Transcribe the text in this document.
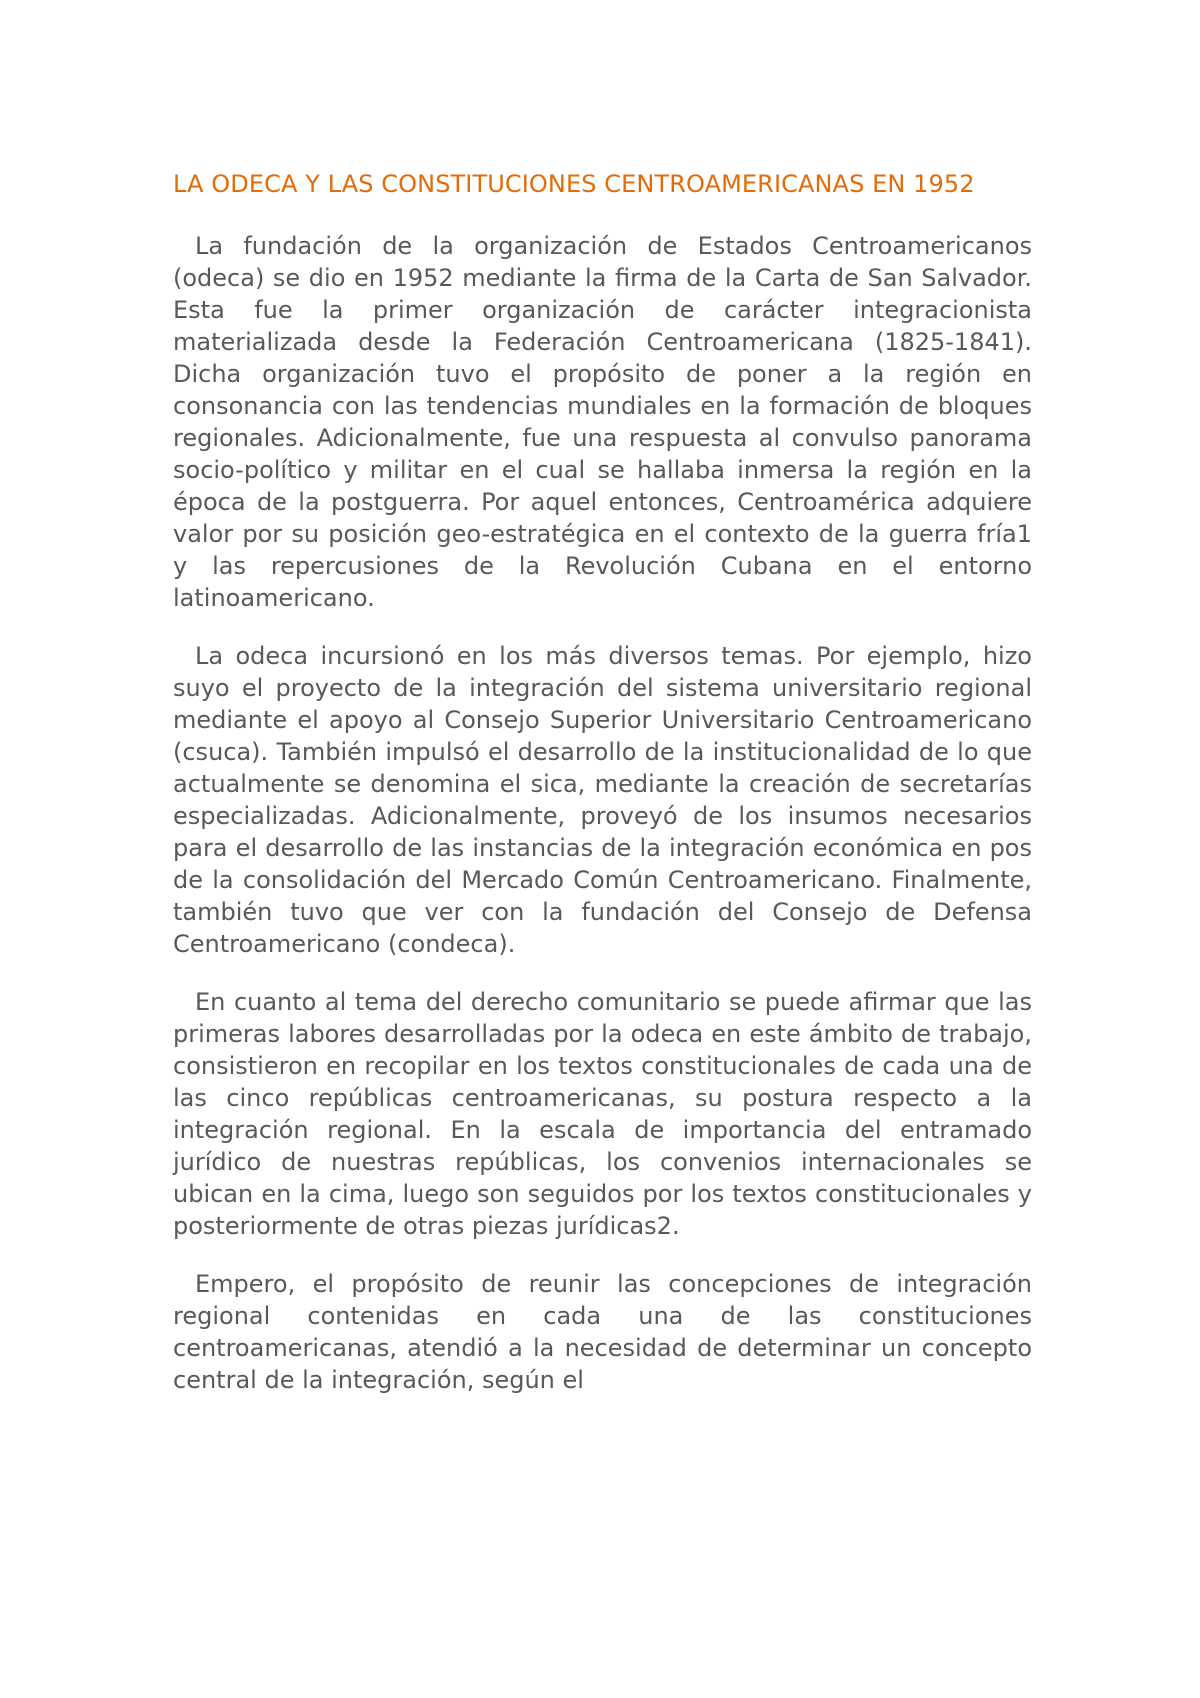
LA ODECA Y LAS CONSTITUCIONES CENTROAMERICANAS EN 1952

La fundación de la organización de Estados Centroamericanos (odeca) se dio en 1952 mediante la firma de la Carta de San Salvador. Esta fue la primer organización de carácter integracionista materializada desde la Federación Centroamericana (1825-1841). Dicha organización tuvo el propósito de poner a la región en consonancia con las tendencias mundiales en la formación de bloques regionales. Adicionalmente, fue una respuesta al convulso panorama socio-político y militar en el cual se hallaba inmersa la región en la época de la postguerra. Por aquel entonces, Centroamérica adquiere valor por su posición geo-estratégica en el contexto de la guerra fría1 y las repercusiones de la Revolución Cubana en el entorno latinoamericano.

La odeca incursionó en los más diversos temas. Por ejemplo, hizo suyo el proyecto de la integración del sistema universitario regional mediante el apoyo al Consejo Superior Universitario Centroamericano (csuca). También impulsó el desarrollo de la institucionalidad de lo que actualmente se denomina el sica, mediante la creación de secretarías especializadas. Adicionalmente, proveyó de los insumos necesarios para el desarrollo de las instancias de la integración económica en pos de la consolidación del Mercado Común Centroamericano. Finalmente, también tuvo que ver con la fundación del Consejo de Defensa Centroamericano (condeca).

En cuanto al tema del derecho comunitario se puede afirmar que las primeras labores desarrolladas por la odeca en este ámbito de trabajo, consistieron en recopilar en los textos constitucionales de cada una de las cinco repúblicas centroamericanas, su postura respecto a la integración regional. En la escala de importancia del entramado jurídico de nuestras repúblicas, los convenios internacionales se ubican en la cima, luego son seguidos por los textos constitucionales y posteriormente de otras piezas jurídicas2.

Empero, el propósito de reunir las concepciones de integración regional contenidas en cada una de las constituciones centroamericanas, atendió a la necesidad de determinar un concepto central de la integración, según el
